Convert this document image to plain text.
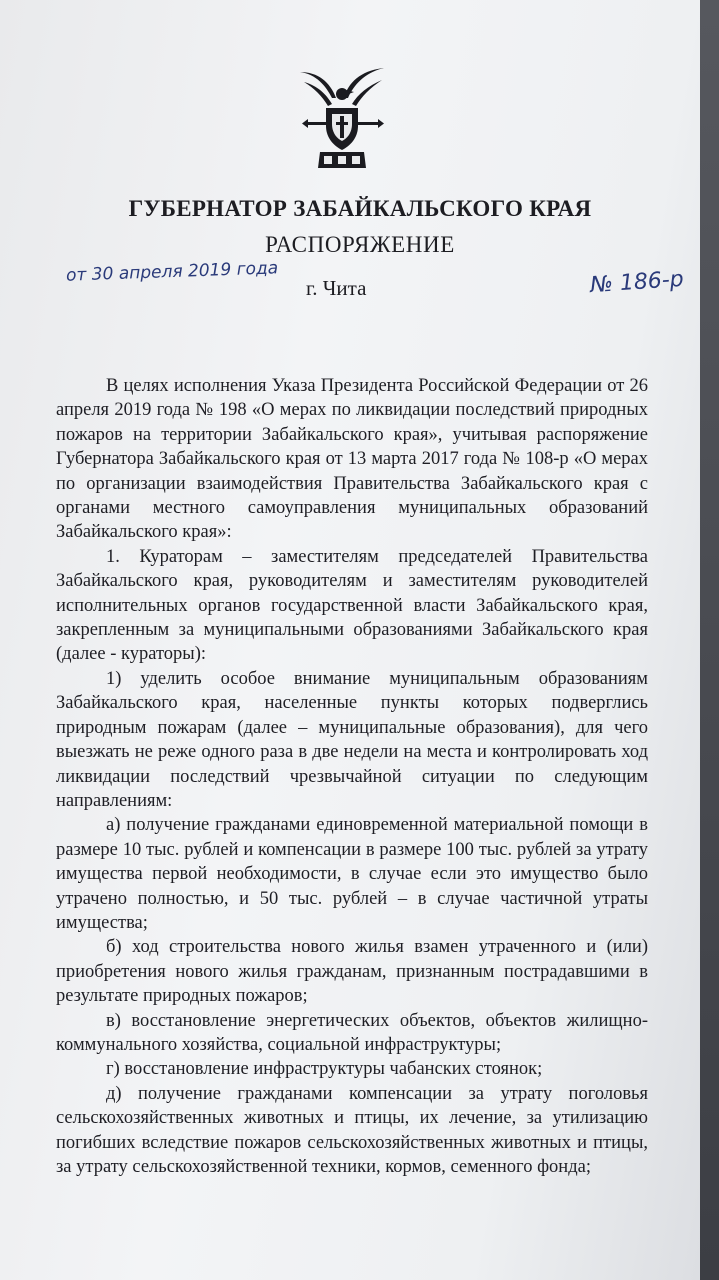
ГУБЕРНАТОР ЗАБАЙКАЛЬСКОГО КРАЯ
РАСПОРЯЖЕНИЕ
от 30 апреля 2019 года
г. Чита	№ 186-р

В целях исполнения Указа Президента Российской Федерации от 26 апреля 2019 года № 198 «О мерах по ликвидации последствий природных пожаров на территории Забайкальского края», учитывая распоряжение Губернатора Забайкальского края от 13 марта 2017 года № 108-р «О мерах по организации взаимодействия Правительства Забайкальского края с органами местного самоуправления муниципальных образований Забайкальского края»:

1. Кураторам – заместителям председателей Правительства Забайкальского края, руководителям и заместителям руководителей исполнительных органов государственной власти Забайкальского края, закрепленным за муниципальными образованиями Забайкальского края (далее - кураторы):

1) уделить особое внимание муниципальным образованиям Забайкальского края, населенные пункты которых подверглись природным пожарам (далее – муниципальные образования), для чего выезжать не реже одного раза в две недели на места и контролировать ход ликвидации последствий чрезвычайной ситуации по следующим направлениям:

а) получение гражданами единовременной материальной помощи в размере 10 тыс. рублей и компенсации в размере 100 тыс. рублей за утрату имущества первой необходимости, в случае если это имущество было утрачено полностью, и 50 тыс. рублей – в случае частичной утраты имущества;

б) ход строительства нового жилья взамен утраченного и (или) приобретения нового жилья гражданам, признанным пострадавшими в результате природных пожаров;

в) восстановление энергетических объектов, объектов жилищно-коммунального хозяйства, социальной инфраструктуры;

г) восстановление инфраструктуры чабанских стоянок;

д) получение гражданами компенсации за утрату поголовья сельскохозяйственных животных и птицы, их лечение, за утилизацию погибших вследствие пожаров сельскохозяйственных животных и птицы, за утрату сельскохозяйственной техники, кормов, семенного фонда;
